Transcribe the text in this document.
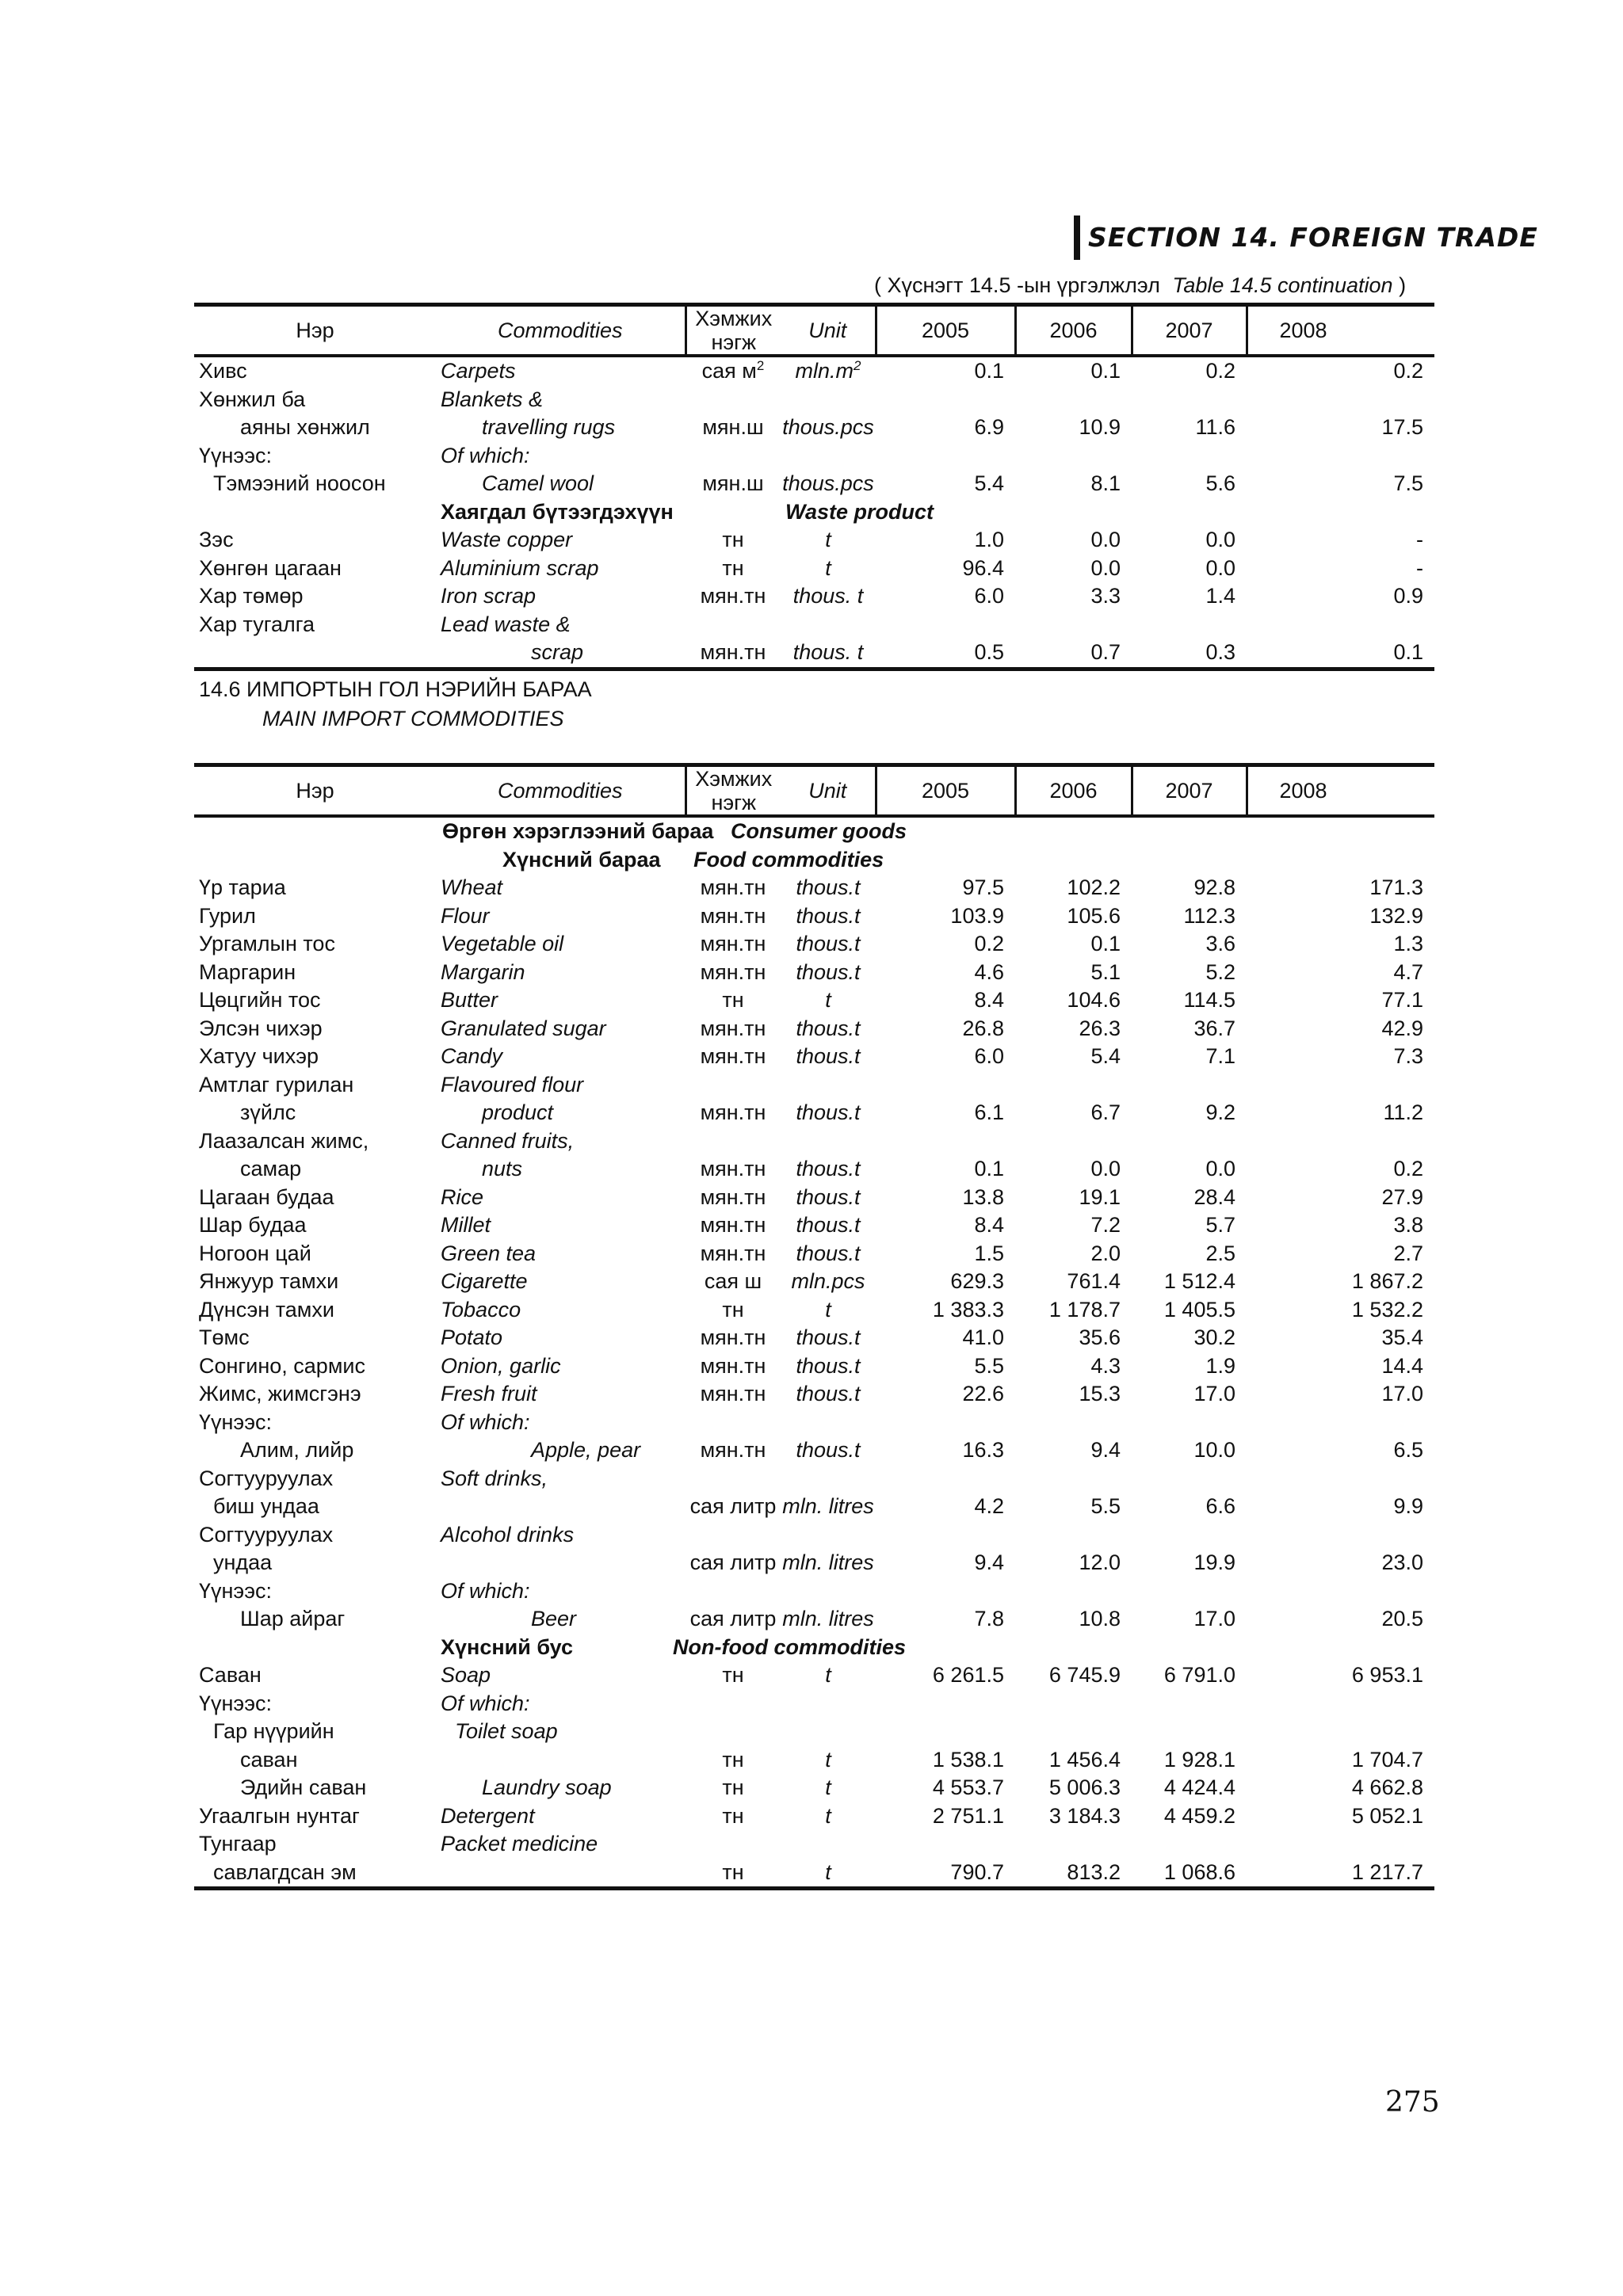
SECTION 14. FOREIGN TRADE
( Хүснэгт 14.5 -ын үргэлжлэл Table 14.5 continuation )
Нэр	Commodities	Хэмжих нэгж	Unit	2005	2006	2007	2008
Хивс	Carpets	сая $м^2$	$mln.m^2$	0.1	0.1	0.2	0.2
Хөнжил ба	Blankets &						
аяны хөнжил	travelling rugs	мян.ш	thous.pcs	6.9	10.9	11.6	17.5
Үүнээс:	Of which:						
Тэмээний ноосон	Camel wool	мян.ш	thous.pcs	5.4	8.1	5.6	7.5
	Хаягдал бүтээгдэхүүн		Waste product				
Зэс	Waste copper	тн	t	1.0	0.0	0.0	-
Хөнгөн цагаан	Aluminium scrap	тн	t	96.4	0.0	0.0	-
Хар төмөр	Iron scrap	мян.тн	thous. t	6.0	3.3	1.4	0.9
Хар тугалга	Lead waste &						
	scrap	мян.тн	thous. t	0.5	0.7	0.3	0.1
14.6 ИМПОРТЫН ГОЛ НЭРИЙН БАРАА
MAIN IMPORT COMMODITIES
Нэр	Commodities	Хэмжих нэгж	Unit	2005	2006	2007	2008
	Өргөн хэрэглээний бараа Consumer goods						
	Хүнсний бараа Food commodities						
Үр тариа	Wheat	мян.тн	thous.t	97.5	102.2	92.8	171.3
Гурил	Flour	мян.тн	thous.t	103.9	105.6	112.3	132.9
Ургамлын тос	Vegetable oil	мян.тн	thous.t	0.2	0.1	3.6	1.3
Маргарин	Margarin	мян.тн	thous.t	4.6	5.1	5.2	4.7
Цөцгийн тос	Butter	тн	t	8.4	104.6	114.5	77.1
Элсэн чихэр	Granulated sugar	мян.тн	thous.t	26.8	26.3	36.7	42.9
Хатуу чихэр	Candy	мян.тн	thous.t	6.0	5.4	7.1	7.3
Амтлаг гурилан	Flavoured flour						
зүйлс	product	мян.тн	thous.t	6.1	6.7	9.2	11.2
Лаазалсан жимс,	Canned fruits,						
самар	nuts	мян.тн	thous.t	0.1	0.0	0.0	0.2
Цагаан будаа	Rice	мян.тн	thous.t	13.8	19.1	28.4	27.9
Шар будаа	Millet	мян.тн	thous.t	8.4	7.2	5.7	3.8
Ногоон цай	Green tea	мян.тн	thous.t	1.5	2.0	2.5	2.7
Янжуур тамхи	Cigarette	сая ш	mln.pcs	629.3	761.4	1 512.4	1 867.2
Дүнсэн тамхи	Tobacco	тн	t	1 383.3	1 178.7	1 405.5	1 532.2
Төмс	Potato	мян.тн	thous.t	41.0	35.6	30.2	35.4
Сонгино, сармис	Onion, garlic	мян.тн	thous.t	5.5	4.3	1.9	14.4
Жимс, жимсгэнэ	Fresh fruit	мян.тн	thous.t	22.6	15.3	17.0	17.0
Үүнээс:	Of which:						
Алим, лийр	Apple, pear	мян.тн	thous.t	16.3	9.4	10.0	6.5
Согтууруулах	Soft drinks,						
биш ундаа		сая литр	mln. litres	4.2	5.5	6.6	9.9
Согтууруулах	Alcohol drinks						
ундаа		сая литр	mln. litres	9.4	12.0	19.9	23.0
Үүнээс:	Of which:						
Шар айраг	Beer	сая литр	mln. litres	7.8	10.8	17.0	20.5
	Хүнсний бус Non-food commodities						
Саван	Soap	тн	t	6 261.5	6 745.9	6 791.0	6 953.1
Үүнээс:	Of which:						
Гар нүүрийн	Toilet soap						
саван		тн	t	1 538.1	1 456.4	1 928.1	1 704.7
Эдийн саван	Laundry soap	тн	t	4 553.7	5 006.3	4 424.4	4 662.8
Угаалгын нунтаг	Detergent	тн	t	2 751.1	3 184.3	4 459.2	5 052.1
Тунгаар	Packet medicine						
савлагдсан эм		тн	t	790.7	813.2	1 068.6	1 217.7
275
